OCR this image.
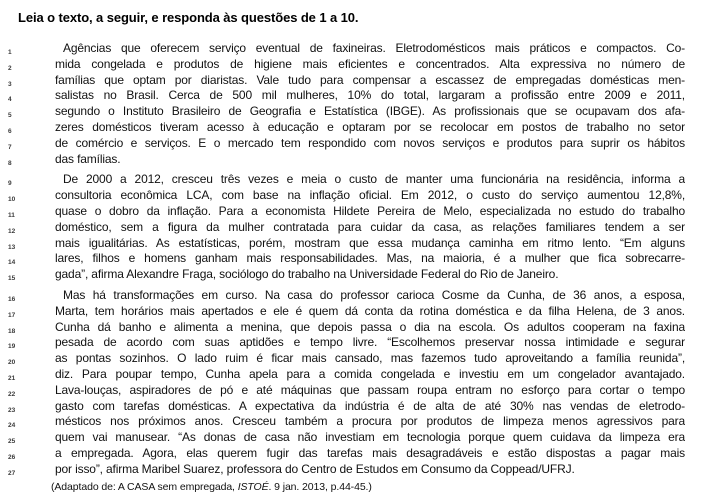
Leia o texto, a seguir, e responda às questões de 1 a 10.
1	Agências que oferecem serviço eventual de faxineiras. Eletrodomésticos mais práticos e compactos. Co-
2	mida congelada e produtos de higiene mais eficientes e concentrados. Alta expressiva no número de
3	famílias que optam por diaristas. Vale tudo para compensar a escassez de empregadas domésticas men-
4	salistas no Brasil. Cerca de 500 mil mulheres, 10% do total, largaram a profissão entre 2009 e 2011,
5	segundo o Instituto Brasileiro de Geografia e Estatística (IBGE). As profissionais que se ocupavam dos afa-
6	zeres domésticos tiveram acesso à educação e optaram por se recolocar em postos de trabalho no setor
7	de comércio e serviços. E o mercado tem respondido com novos serviços e produtos para suprir os hábitos
8	das famílias.
9	De 2000 a 2012, cresceu três vezes e meia o custo de manter uma funcionária na residência, informa a
10	consultoria econômica LCA, com base na inflação oficial. Em 2012, o custo do serviço aumentou 12,8%,
11	quase o dobro da inflação. Para a economista Hildete Pereira de Melo, especializada no estudo do trabalho
12	doméstico, sem a figura da mulher contratada para cuidar da casa, as relações familiares tendem a ser
13	mais igualitárias. As estatísticas, porém, mostram que essa mudança caminha em ritmo lento. “Em alguns
14	lares, filhos e homens ganham mais responsabilidades. Mas, na maioria, é a mulher que fica sobrecarre-
15	gada”, afirma Alexandre Fraga, sociólogo do trabalho na Universidade Federal do Rio de Janeiro.
16	Mas há transformações em curso. Na casa do professor carioca Cosme da Cunha, de 36 anos, a esposa,
17	Marta, tem horários mais apertados e ele é quem dá conta da rotina doméstica e da filha Helena, de 3 anos.
18	Cunha dá banho e alimenta a menina, que depois passa o dia na escola. Os adultos cooperam na faxina
19	pesada de acordo com suas aptidões e tempo livre. “Escolhemos preservar nossa intimidade e segurar
20	as pontas sozinhos. O lado ruim é ficar mais cansado, mas fazemos tudo aproveitando a família reunida”,
21	diz. Para poupar tempo, Cunha apela para a comida congelada e investiu em um congelador avantajado.
22	Lava-louças, aspiradores de pó e até máquinas que passam roupa entram no esforço para cortar o tempo
23	gasto com tarefas domésticas. A expectativa da indústria é de alta de até 30% nas vendas de eletrodo-
24	mésticos nos próximos anos. Cresceu também a procura por produtos de limpeza menos agressivos para
25	quem vai manusear. “As donas de casa não investiam em tecnologia porque quem cuidava da limpeza era
26	a empregada. Agora, elas querem fugir das tarefas mais desagradáveis e estão dispostas a pagar mais
27	por isso”, afirma Maribel Suarez, professora do Centro de Estudos em Consumo da Coppead/UFRJ.
(Adaptado de: A CASA sem empregada, ISTOÉ. 9 jan. 2013, p.44-45.)
